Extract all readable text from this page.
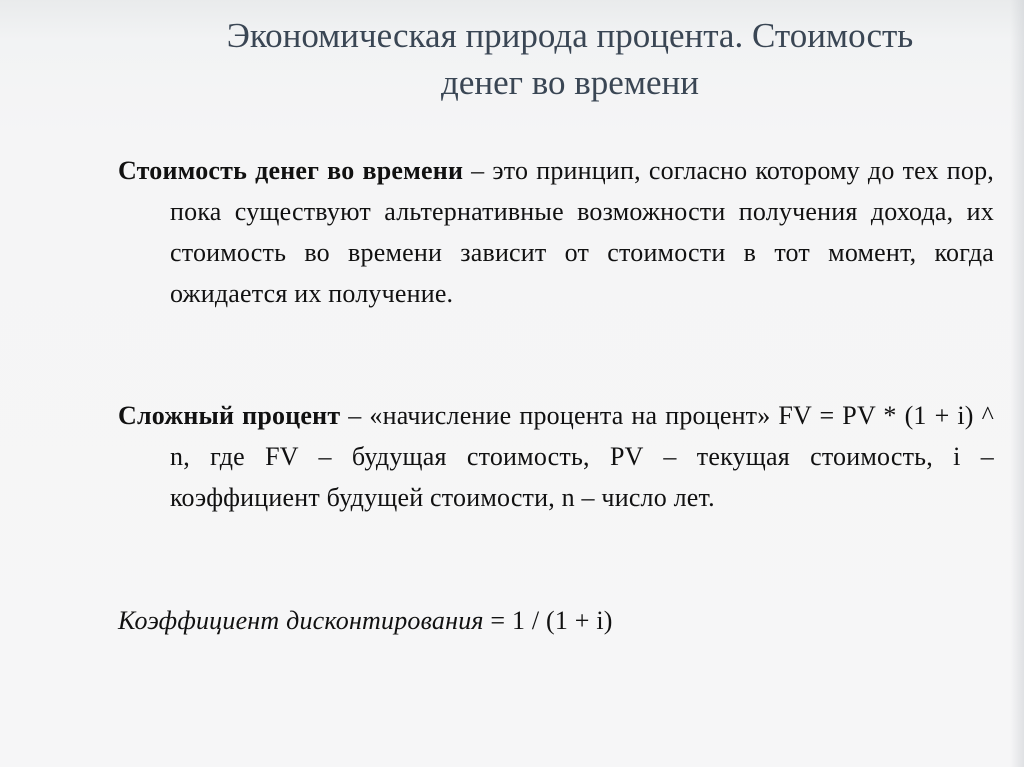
Экономическая природа процента. Стоимость
денег во времени
Стоимость денег во времени – это принцип, согласно которому до тех пор, пока существуют альтернативные возможности получения дохода, их стоимость во времени зависит от стоимости в тот момент, когда ожидается их получение.
Сложный процент – «начисление процента на процент» FV = PV * (1 + i) ^ n, где FV – будущая стоимость, PV – текущая стоимость, i – коэффициент будущей стоимости, n – число лет.
Коэффициент дисконтирования = 1 / (1 + i)
